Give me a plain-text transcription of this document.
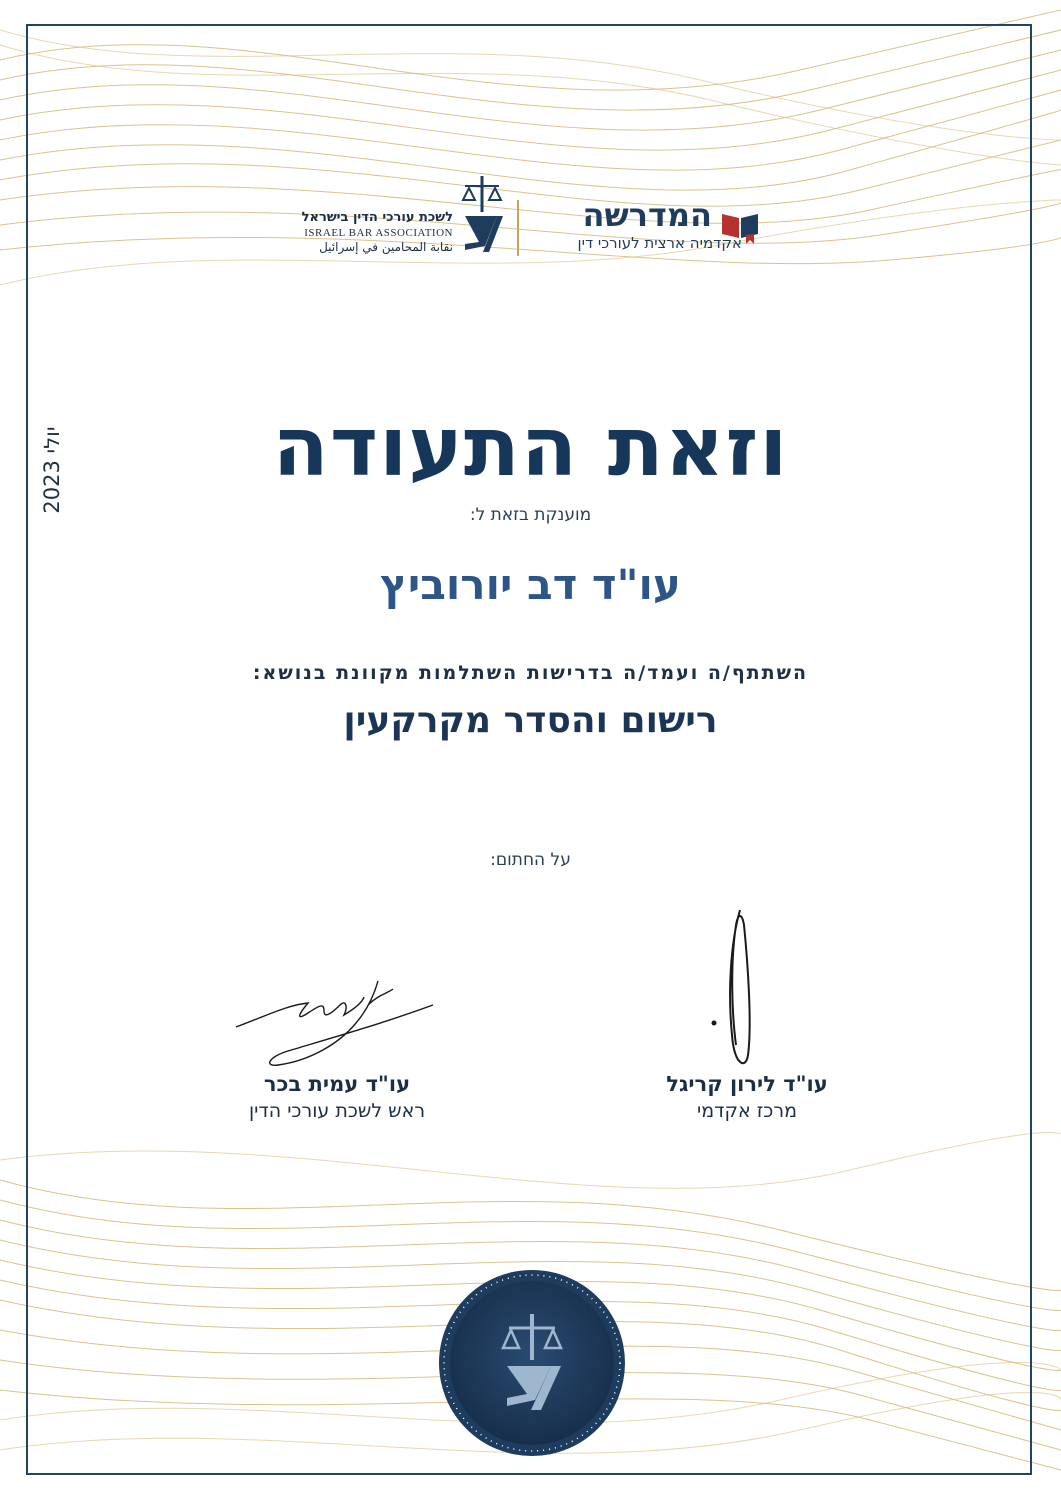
המדרשה
אקדמיה ארצית לעורכי דין
לשכת עורכי הדין בישראל
ISRAEL BAR ASSOCIATION
نقابة المحامين في إسرائيل
יולי 2023	וזאת התעודה
מוענקת בזאת ל:
עו"ד דב יורוביץ
השתתף/ה ועמד/ה בדרישות השתלמות מקוונת בנושא:
רישום והסדר מקרקעין
על החתום:
עו"ד לירון קריגל
מרכז אקדמי
עו"ד עמית בכר
ראש לשכת עורכי הדין
